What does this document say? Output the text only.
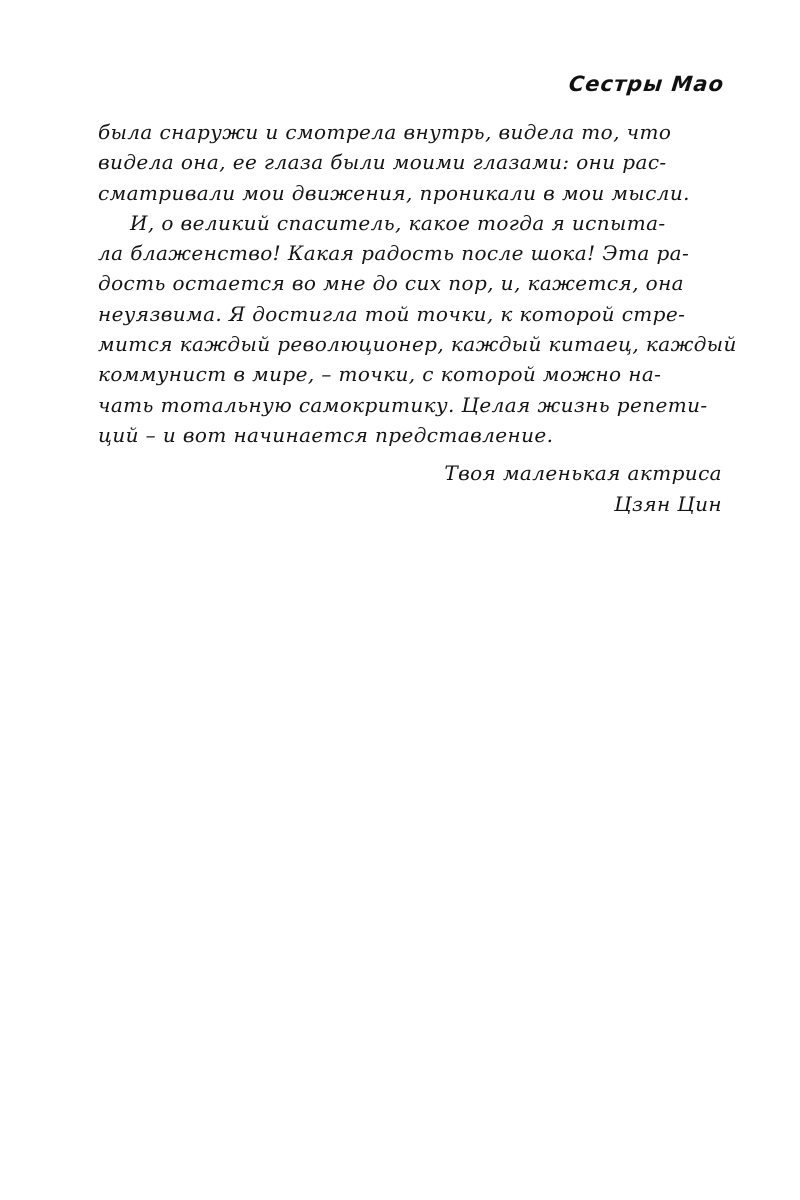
Сестры Мао
была снаружи и смотрела внутрь, видела то, что
видела она, ее глаза были моими глазами: они рас-
сматривали мои движения, проникали в мои мысли.
И, о великий спаситель, какое тогда я испыта-
ла блаженство! Какая радость после шока! Эта ра-
дость остается во мне до сих пор, и, кажется, она
неуязвима. Я достигла той точки, к которой стре-
мится каждый революционер, каждый китаец, каждый
коммунист в мире, – точки, с которой можно на-
чать тотальную самокритику. Целая жизнь репети-
ций – и вот начинается представление.
Твоя маленькая актриса
Цзян Цин
